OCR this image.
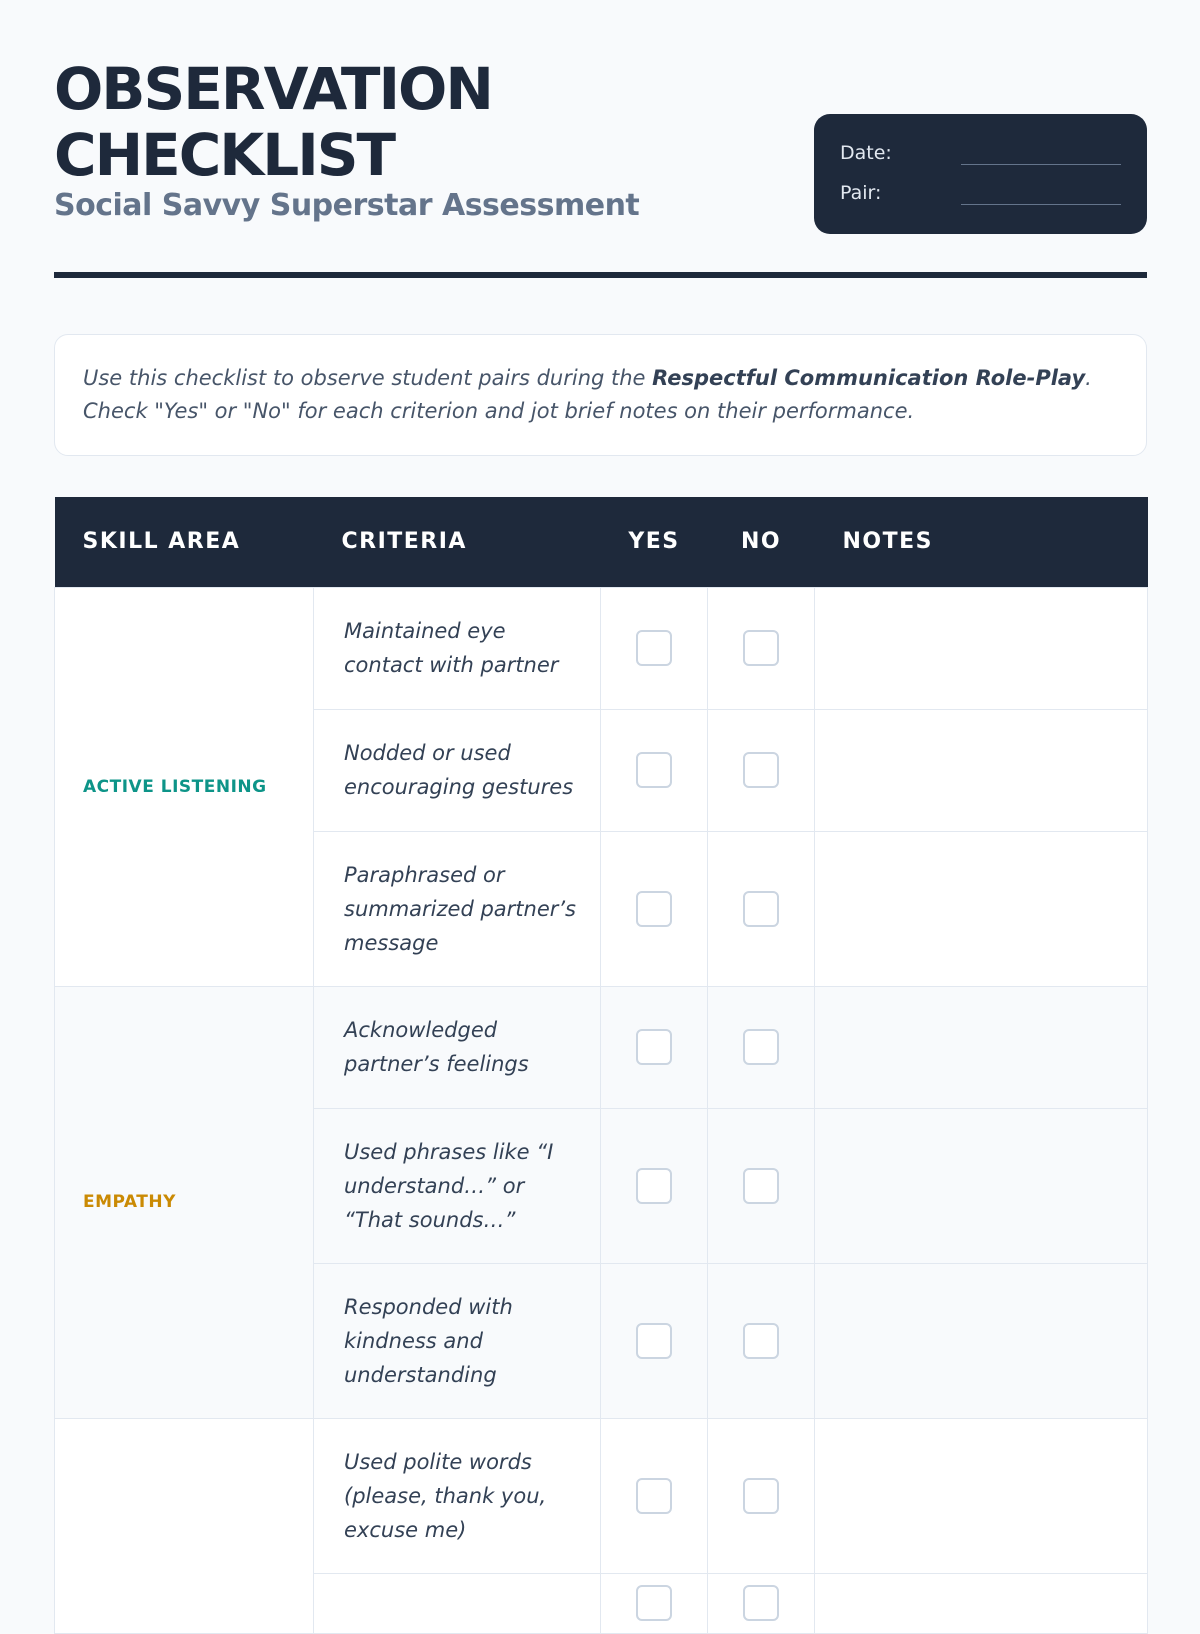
OBSERVATION
CHECKLIST
Social Savvy Superstar Assessment
Date:
Pair:
Use this checklist to observe student pairs during the Respectful Communication Role-Play. Check "Yes" or "No" for each criterion and jot brief notes on their performance.
SKILL AREA	CRITERIA	YES	NO	NOTES
ACTIVE LISTENING	Maintained eye contact with partner			
	Nodded or used encouraging gestures			
	Paraphrased or summarized partner’s message			
EMPATHY	Acknowledged partner’s feelings			
	Used phrases like “I understand…” or “That sounds…”			
	Responded with kindness and understanding			
	Used polite words (please, thank you, excuse me)			
